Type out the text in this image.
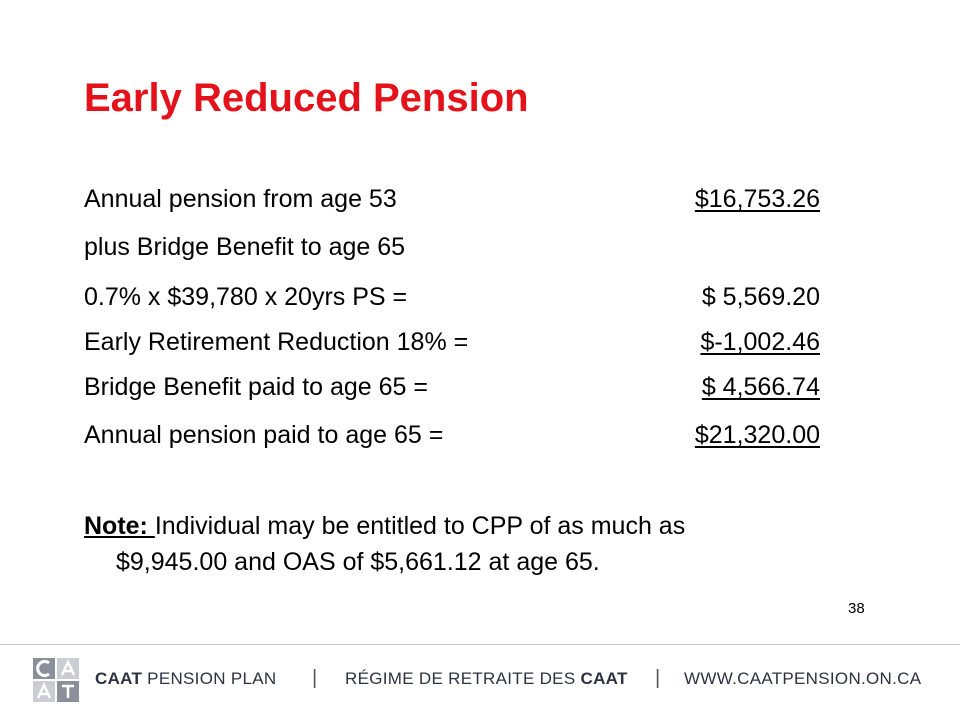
Early Reduced Pension
Annual pension from age 53	$16,753.26
plus Bridge Benefit to age 65
0.7% x $39,780 x 20yrs PS =	$ 5,569.20
Early Retirement Reduction 18% =	$-1,002.46
Bridge Benefit paid to age 65 =	$ 4,566.74
Annual pension paid to age 65 =	$21,320.00
Note: Individual may be entitled to CPP of as much as
$9,945.00 and OAS of $5,661.12 at age 65.
38
CAAT PENSION PLAN | RÉGIME DE RETRAITE DES CAAT | WWW.CAATPENSION.ON.CA
